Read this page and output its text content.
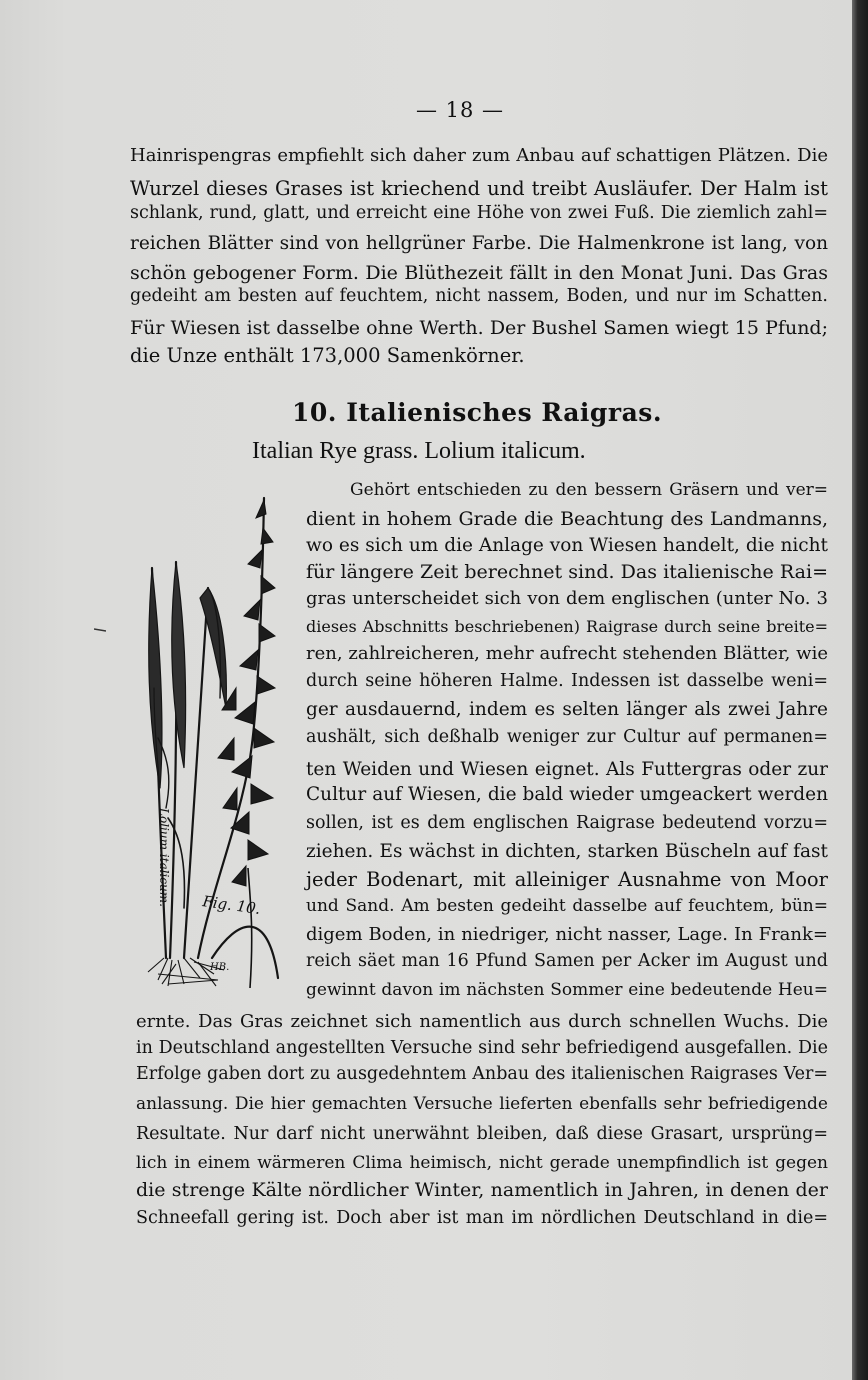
— 18 —
Hainrispengras empfiehlt sich daher zum Anbau auf schattigen Plätzen. Die
Wurzel dieses Grases ist kriechend und treibt Ausläufer. Der Halm ist
schlank, rund, glatt, und erreicht eine Höhe von zwei Fuß. Die ziemlich zahl=
reichen Blätter sind von hellgrüner Farbe. Die Halmenkrone ist lang, von
schön gebogener Form. Die Blüthezeit fällt in den Monat Juni. Das Gras
gedeiht am besten auf feuchtem, nicht nassem, Boden, und nur im Schatten.
Für Wiesen ist dasselbe ohne Werth. Der Bushel Samen wiegt 15 Pfund;
die Unze enthält 173,000 Samenkörner.
10. Italienisches Raigras.
Italian Rye grass. Lolium italicum.
Lolium italicum. Fig. 10.
HB.
Gehört entschieden zu den bessern Gräsern und ver=
dient in hohem Grade die Beachtung des Landmanns,
wo es sich um die Anlage von Wiesen handelt, die nicht
für längere Zeit berechnet sind. Das italienische Rai=
gras unterscheidet sich von dem englischen (unter No. 3
dieses Abschnitts beschriebenen) Raigrase durch seine breite=
ren, zahlreicheren, mehr aufrecht stehenden Blätter, wie
durch seine höheren Halme. Indessen ist dasselbe weni=
ger ausdauernd, indem es selten länger als zwei Jahre
aushält, sich deßhalb weniger zur Cultur auf permanen=
ten Weiden und Wiesen eignet. Als Futtergras oder zur
Cultur auf Wiesen, die bald wieder umgeackert werden
sollen, ist es dem englischen Raigrase bedeutend vorzu=
ziehen. Es wächst in dichten, starken Büscheln auf fast
jeder Bodenart, mit alleiniger Ausnahme von Moor
und Sand. Am besten gedeiht dasselbe auf feuchtem, bün=
digem Boden, in niedriger, nicht nasser, Lage. In Frank=
reich säet man 16 Pfund Samen per Acker im August und
gewinnt davon im nächsten Sommer eine bedeutende Heu=
ernte. Das Gras zeichnet sich namentlich aus durch schnellen Wuchs. Die
in Deutschland angestellten Versuche sind sehr befriedigend ausgefallen. Die
Erfolge gaben dort zu ausgedehntem Anbau des italienischen Raigrases Ver=
anlassung. Die hier gemachten Versuche lieferten ebenfalls sehr befriedigende
Resultate. Nur darf nicht unerwähnt bleiben, daß diese Grasart, ursprüng=
lich in einem wärmeren Clima heimisch, nicht gerade unempfindlich ist gegen
die strenge Kälte nördlicher Winter, namentlich in Jahren, in denen der
Schneefall gering ist. Doch aber ist man im nördlichen Deutschland in die=
